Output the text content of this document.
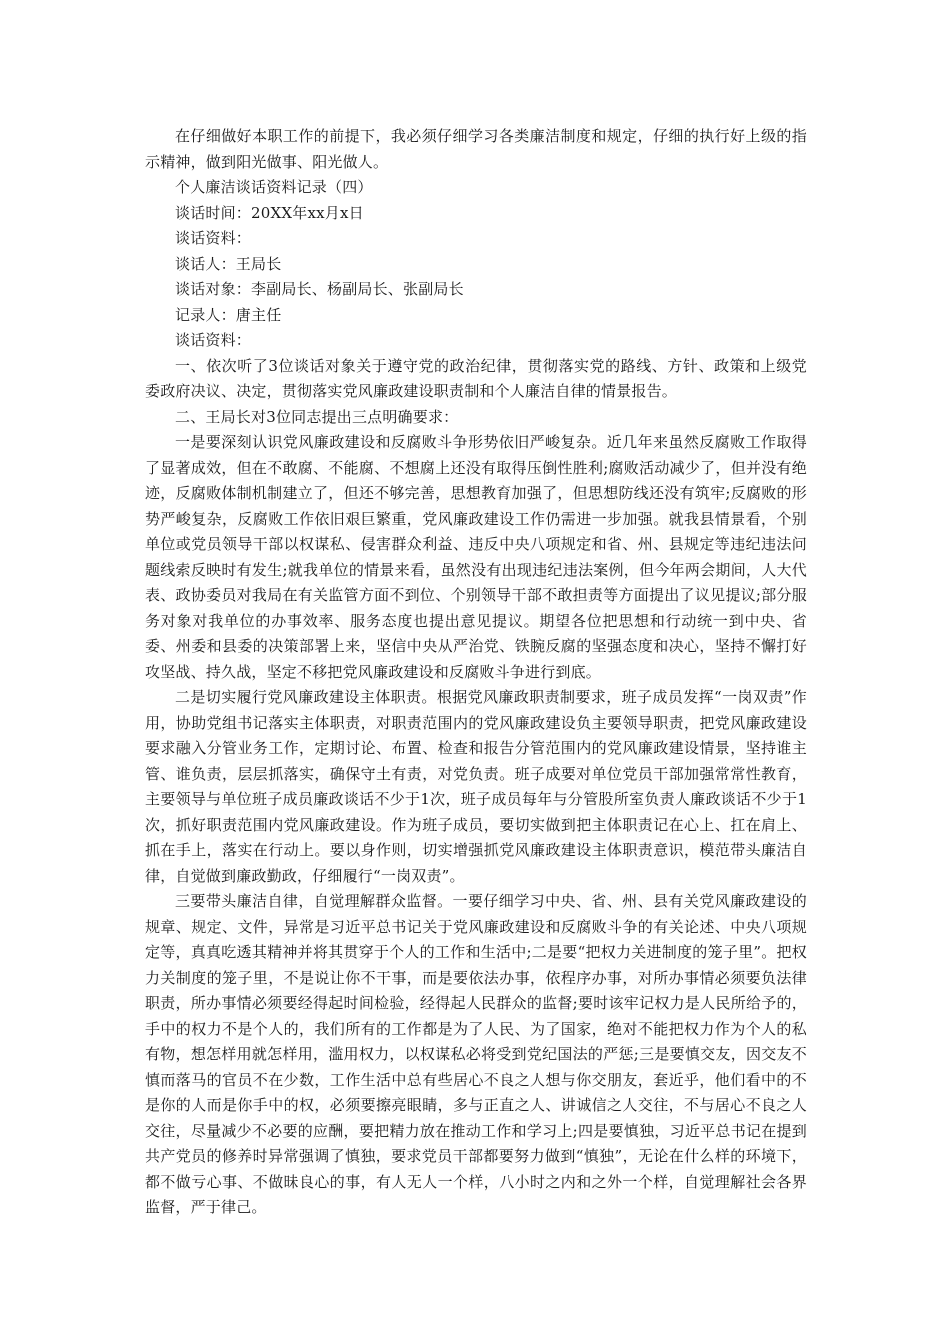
在仔细做好本职工作的前提下，我必须仔细学习各类廉洁制度和规定，仔细的执行好上级的指示精神，做到阳光做事、阳光做人。

个人廉洁谈话资料记录（四）

谈话时间：20XX年xx月x日

谈话资料：

谈话人：王局长

谈话对象：李副局长、杨副局长、张副局长

记录人：唐主任

谈话资料：

一、依次听了3位谈话对象关于遵守党的政治纪律，贯彻落实党的路线、方针、政策和上级党委政府决议、决定，贯彻落实党风廉政建设职责制和个人廉洁自律的情景报告。

二、王局长对3位同志提出三点明确要求：

一是要深刻认识党风廉政建设和反腐败斗争形势依旧严峻复杂。近几年来虽然反腐败工作取得了显著成效，但在不敢腐、不能腐、不想腐上还没有取得压倒性胜利;腐败活动减少了，但并没有绝迹，反腐败体制机制建立了，但还不够完善，思想教育加强了，但思想防线还没有筑牢;反腐败的形势严峻复杂，反腐败工作依旧艰巨繁重，党风廉政建设工作仍需进一步加强。就我县情景看，个别单位或党员领导干部以权谋私、侵害群众利益、违反中央八项规定和省、州、县规定等违纪违法问题线索反映时有发生;就我单位的情景来看，虽然没有出现违纪违法案例，但今年两会期间，人大代表、政协委员对我局在有关监管方面不到位、个别领导干部不敢担责等方面提出了议见提议;部分服务对象对我单位的办事效率、服务态度也提出意见提议。期望各位把思想和行动统一到中央、省委、州委和县委的决策部署上来，坚信中央从严治党、铁腕反腐的坚强态度和决心，坚持不懈打好攻坚战、持久战，坚定不移把党风廉政建设和反腐败斗争进行到底。

二是切实履行党风廉政建设主体职责。根据党风廉政职责制要求，班子成员发挥“一岗双责”作用，协助党组书记落实主体职责，对职责范围内的党风廉政建设负主要领导职责，把党风廉政建设要求融入分管业务工作，定期讨论、布置、检查和报告分管范围内的党风廉政建设情景，坚持谁主管、谁负责，层层抓落实，确保守土有责，对党负责。班子成要对单位党员干部加强常常性教育，主要领导与单位班子成员廉政谈话不少于1次，班子成员每年与分管股所室负责人廉政谈话不少于1次，抓好职责范围内党风廉政建设。作为班子成员，要切实做到把主体职责记在心上、扛在肩上、抓在手上，落实在行动上。要以身作则，切实增强抓党风廉政建设主体职责意识，模范带头廉洁自律，自觉做到廉政勤政，仔细履行“一岗双责”。

三要带头廉洁自律，自觉理解群众监督。一要仔细学习中央、省、州、县有关党风廉政建设的规章、规定、文件，异常是习近平总书记关于党风廉政建设和反腐败斗争的有关论述、中央八项规定等，真真吃透其精神并将其贯穿于个人的工作和生活中;二是要“把权力关进制度的笼子里”。把权力关制度的笼子里，不是说让你不干事，而是要依法办事，依程序办事，对所办事情必须要负法律职责，所办事情必须要经得起时间检验，经得起人民群众的监督;要时该牢记权力是人民所给予的，手中的权力不是个人的，我们所有的工作都是为了人民、为了国家，绝对不能把权力作为个人的私有物，想怎样用就怎样用，滥用权力，以权谋私必将受到党纪国法的严惩;三是要慎交友，因交友不慎而落马的官员不在少数，工作生活中总有些居心不良之人想与你交朋友，套近乎，他们看中的不是你的人而是你手中的权，必须要擦亮眼睛，多与正直之人、讲诚信之人交往，不与居心不良之人交往，尽量减少不必要的应酬，要把精力放在推动工作和学习上;四是要慎独，习近平总书记在提到共产党员的修养时异常强调了慎独，要求党员干部都要努力做到“慎独”，无论在什么样的环境下，都不做亏心事、不做昧良心的事，有人无人一个样，八小时之内和之外一个样，自觉理解社会各界监督，严于律己。
